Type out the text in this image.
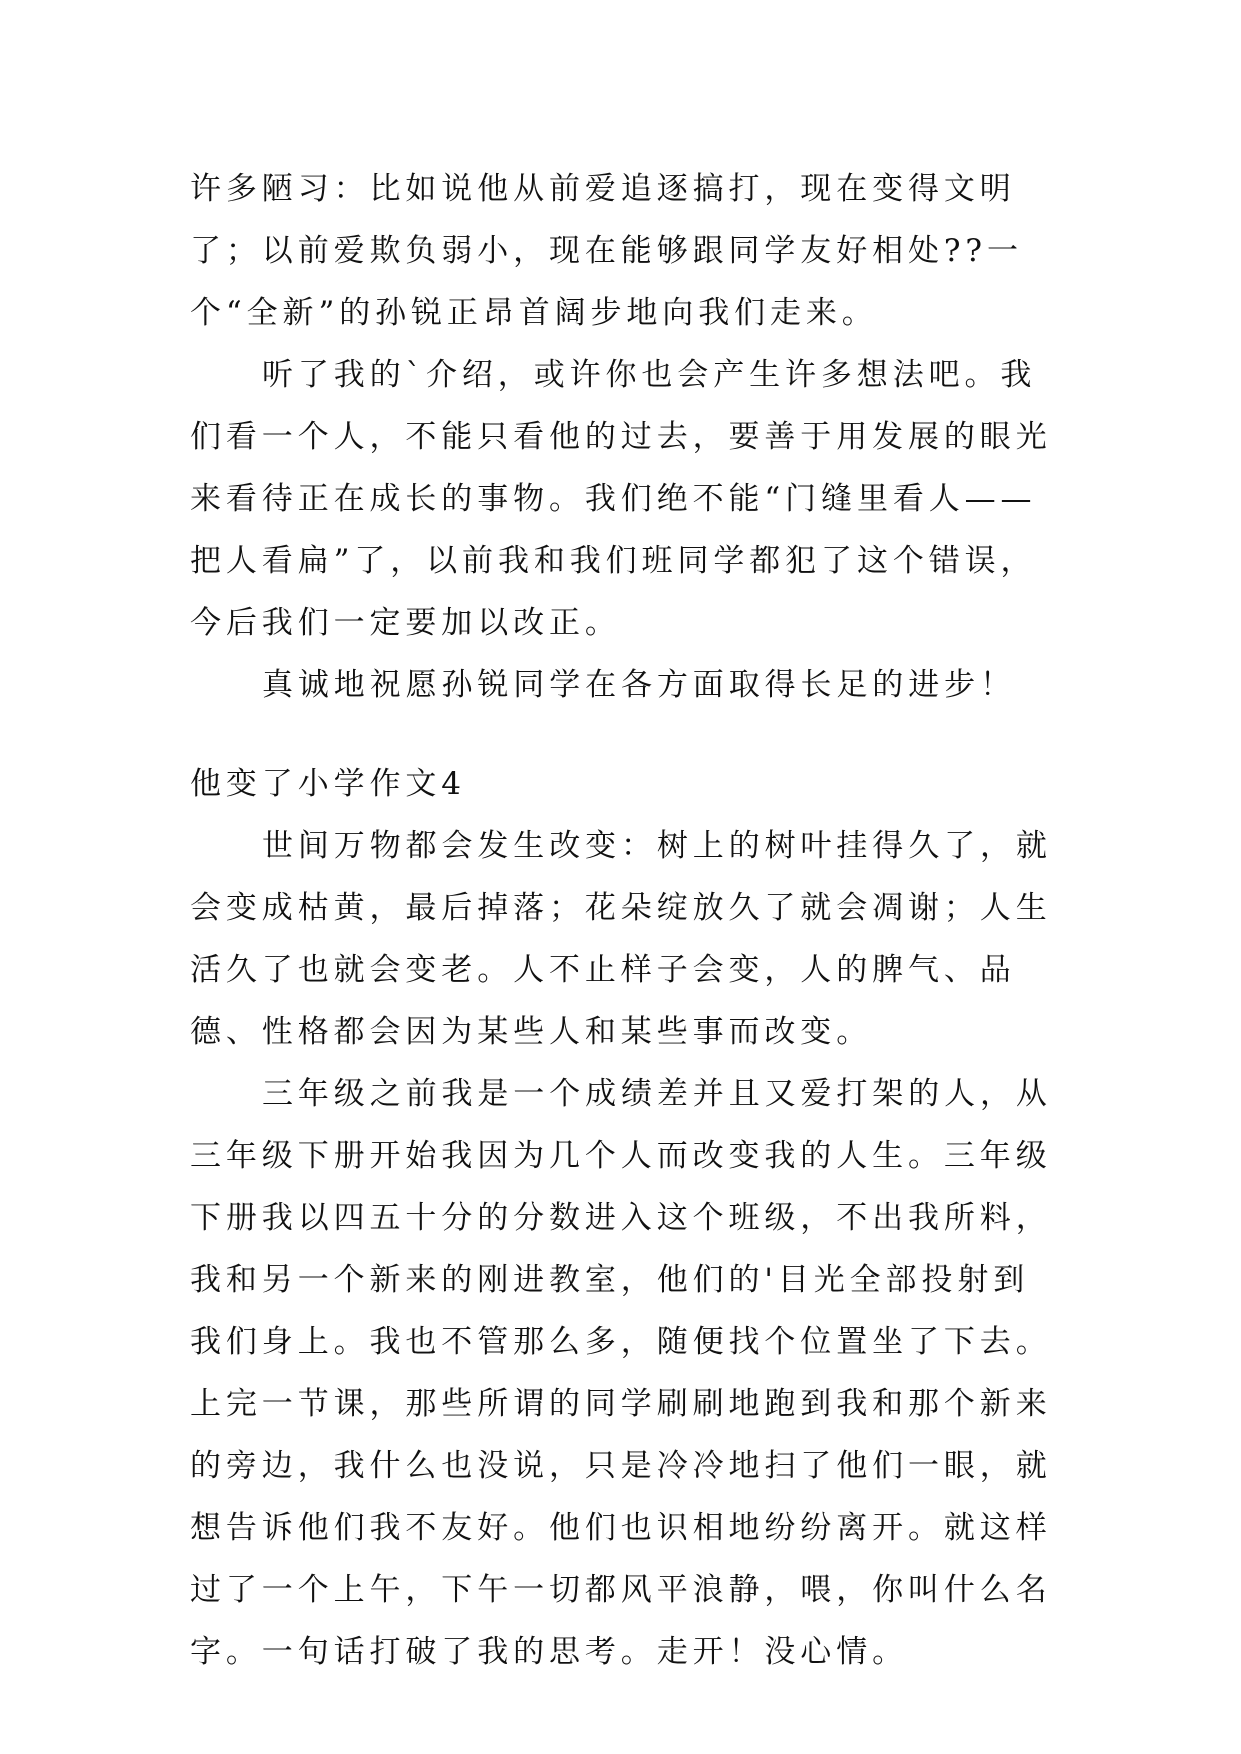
许多陋习：比如说他从前爱追逐搞打，现在变得文明了；以前爱欺负弱小，现在能够跟同学友好相处??一个“全新”的孙锐正昂首阔步地向我们走来。

听了我的`介绍，或许你也会产生许多想法吧。我们看一个人，不能只看他的过去，要善于用发展的眼光来看待正在成长的事物。我们绝不能“门缝里看人——把人看扁”了，以前我和我们班同学都犯了这个错误，今后我们一定要加以改正。

真诚地祝愿孙锐同学在各方面取得长足的进步！

他变了小学作文4

世间万物都会发生改变：树上的树叶挂得久了，就会变成枯黄，最后掉落；花朵绽放久了就会凋谢；人生活久了也就会变老。人不止样子会变，人的脾气、品德、性格都会因为某些人和某些事而改变。

三年级之前我是一个成绩差并且又爱打架的人，从三年级下册开始我因为几个人而改变我的人生。三年级下册我以四五十分的分数进入这个班级，不出我所料，我和另一个新来的刚进教室，他们的'目光全部投射到我们身上。我也不管那么多，随便找个位置坐了下去。上完一节课，那些所谓的同学刷刷地跑到我和那个新来的旁边，我什么也没说，只是冷冷地扫了他们一眼，就想告诉他们我不友好。他们也识相地纷纷离开。就这样过了一个上午，下午一切都风平浪静，喂，你叫什么名字。一句话打破了我的思考。走开！没心情。
